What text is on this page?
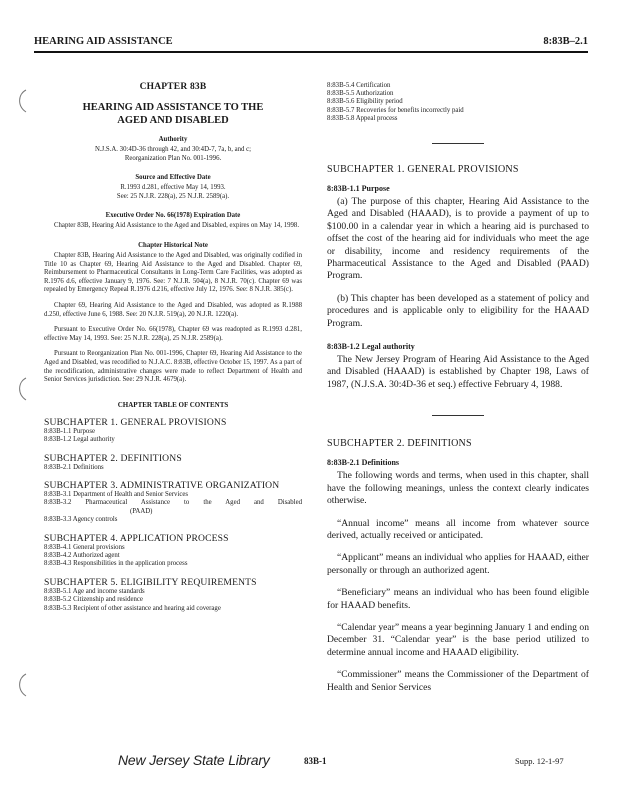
HEARING AID ASSISTANCE	8:83B–2.1
CHAPTER 83B
HEARING AID ASSISTANCE TO THE
AGED AND DISABLED
Authority
N.J.S.A. 30:4D-36 through 42, and 30:4D-7, 7a, b, and c; Reorganization Plan No. 001-1996.
Source and Effective Date
R.1993 d.281, effective May 14, 1993.
See: 25 N.J.R. 228(a), 25 N.J.R. 2589(a).
Executive Order No. 66(1978) Expiration Date
Chapter 83B, Hearing Aid Assistance to the Aged and Disabled, expires on May 14, 1998.
Chapter Historical Note
Chapter 83B, Hearing Aid Assistance to the Aged and Disabled, was originally codified in Title 10 as Chapter 69, Hearing Aid Assistance to the Aged and Disabled. Chapter 69, Reimbursement to Pharmaceutical Consultants in Long-Term Care Facilities, was adopted as R.1976 d.6, effective January 9, 1976. See: 7 N.J.R. 504(a), 8 N.J.R. 70(c). Chapter 69 was repealed by Emergency Repeal R.1976 d.216, effective July 12, 1976. See: 8 N.J.R. 385(c).
Chapter 69, Hearing Aid Assistance to the Aged and Disabled, was adopted as R.1988 d.250, effective June 6, 1988. See: 20 N.J.R. 519(a), 20 N.J.R. 1220(a).
Pursuant to Executive Order No. 66(1978), Chapter 69 was readopted as R.1993 d.281, effective May 14, 1993. See: 25 N.J.R. 228(a), 25 N.J.R. 2589(a).
Pursuant to Reorganization Plan No. 001-1996, Chapter 69, Hearing Aid Assistance to the Aged and Disabled, was recodified to N.J.A.C. 8:83B, effective October 15, 1997. As a part of the recodification, administrative changes were made to reflect Department of Health and Senior Services jurisdiction. See: 29 N.J.R. 4679(a).
CHAPTER TABLE OF CONTENTS
SUBCHAPTER 1. GENERAL PROVISIONS
8:83B-1.1 Purpose
8:83B-1.2 Legal authority
SUBCHAPTER 2. DEFINITIONS
8:83B-2.1 Definitions
SUBCHAPTER 3. ADMINISTRATIVE ORGANIZATION
8:83B-3.1 Department of Health and Senior Services
8:83B-3.2 Pharmaceutical Assistance to the Aged and Disabled
(PAAD)
8:83B-3.3 Agency controls
SUBCHAPTER 4. APPLICATION PROCESS
8:83B-4.1 General provisions
8:83B-4.2 Authorized agent
8:83B-4.3 Responsibilities in the application process
SUBCHAPTER 5. ELIGIBILITY REQUIREMENTS
8:83B-5.1 Age and income standards
8:83B-5.2 Citizenship and residence
8:83B-5.3 Recipient of other assistance and hearing aid coverage
8:83B-5.4 Certification
8:83B-5.5 Authorization
8:83B-5.6 Eligibility period
8:83B-5.7 Recoveries for benefits incorrectly paid
8:83B-5.8 Appeal process
SUBCHAPTER 1. GENERAL PROVISIONS
8:83B-1.1 Purpose
(a) The purpose of this chapter, Hearing Aid Assistance to the Aged and Disabled (HAAAD), is to provide a payment of up to $100.00 in a calendar year in which a hearing aid is purchased to offset the cost of the hearing aid for individuals who meet the age or disability, income and residency requirements of the Pharmaceutical Assistance to the Aged and Disabled (PAAD) Program.
(b) This chapter has been developed as a statement of policy and procedures and is applicable only to eligibility for the HAAAD Program.
8:83B-1.2 Legal authority
The New Jersey Program of Hearing Aid Assistance to the Aged and Disabled (HAAAD) is established by Chapter 198, Laws of 1987, (N.J.S.A. 30:4D-36 et seq.) effective February 4, 1988.
SUBCHAPTER 2. DEFINITIONS
8:83B-2.1 Definitions
The following words and terms, when used in this chapter, shall have the following meanings, unless the context clearly indicates otherwise.
“Annual income” means all income from whatever source derived, actually received or anticipated.
“Applicant” means an individual who applies for HAAAD, either personally or through an authorized agent.
“Beneficiary” means an individual who has been found eligible for HAAAD benefits.
“Calendar year” means a year beginning January 1 and ending on December 31. “Calendar year” is the base period utilized to determine annual income and HAAAD eligibility.
“Commissioner” means the Commissioner of the Department of Health and Senior Services
New Jersey State Library	83B-1	Supp. 12-1-97
